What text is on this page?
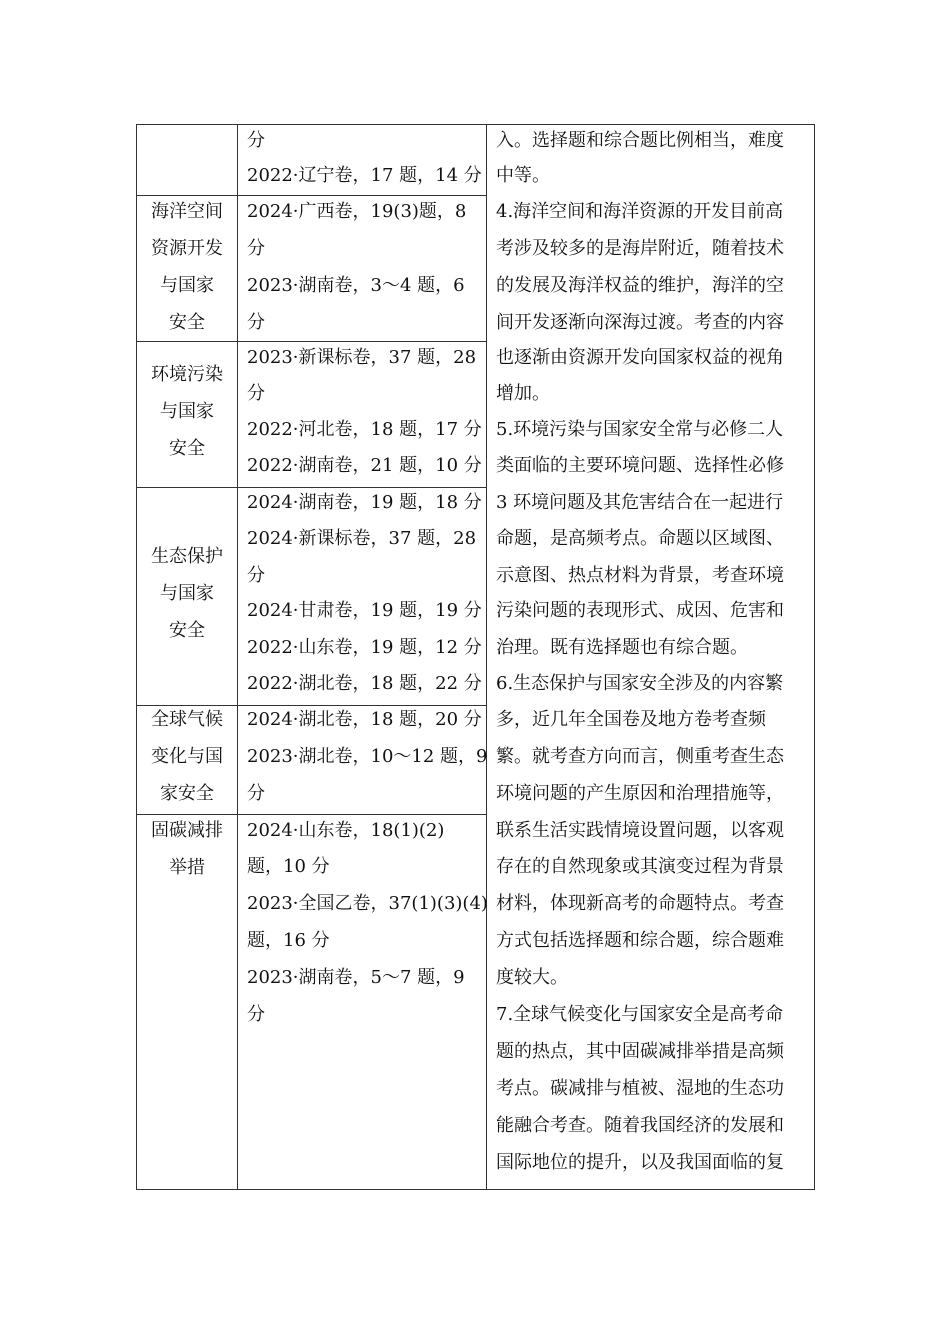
海洋空间
资源开发
与国家
安全
环境污染
与国家
安全
生态保护
与国家
安全
全球气候
变化与国
家安全
固碳减排
举措
分
2022·辽宁卷，17 题，14 分
2024·广西卷，19(3)题，8
分
2023·湖南卷，3～4 题，6
分
2023·新课标卷，37 题，28
分
2022·河北卷，18 题，17 分
2022·湖南卷，21 题，10 分
2024·湖南卷，19 题，18 分
2024·新课标卷，37 题，28
分
2024·甘肃卷，19 题，19 分
2022·山东卷，19 题，12 分
2022·湖北卷，18 题，22 分
2024·湖北卷，18 题，20 分
2023·湖北卷，10～12 题，9
分
2024·山东卷，18(1)(2)
题，10 分
2023·全国乙卷，37(1)(3)(4)
题，16 分
2023·湖南卷，5～7 题，9
分
入。选择题和综合题比例相当，难度
中等。
4.海洋空间和海洋资源的开发目前高
考涉及较多的是海岸附近，随着技术
的发展及海洋权益的维护，海洋的空
间开发逐渐向深海过渡。考查的内容
也逐渐由资源开发向国家权益的视角
增加。
5.环境污染与国家安全常与必修二人
类面临的主要环境问题、选择性必修
3 环境问题及其危害结合在一起进行
命题，是高频考点。命题以区域图、
示意图、热点材料为背景，考查环境
污染问题的表现形式、成因、危害和
治理。既有选择题也有综合题。
6.生态保护与国家安全涉及的内容繁
多，近几年全国卷及地方卷考查频
繁。就考查方向而言，侧重考查生态
环境问题的产生原因和治理措施等，
联系生活实践情境设置问题，以客观
存在的自然现象或其演变过程为背景
材料，体现新高考的命题特点。考查
方式包括选择题和综合题，综合题难
度较大。
7.全球气候变化与国家安全是高考命
题的热点，其中固碳减排举措是高频
考点。碳减排与植被、湿地的生态功
能融合考查。随着我国经济的发展和
国际地位的提升，以及我国面临的复
